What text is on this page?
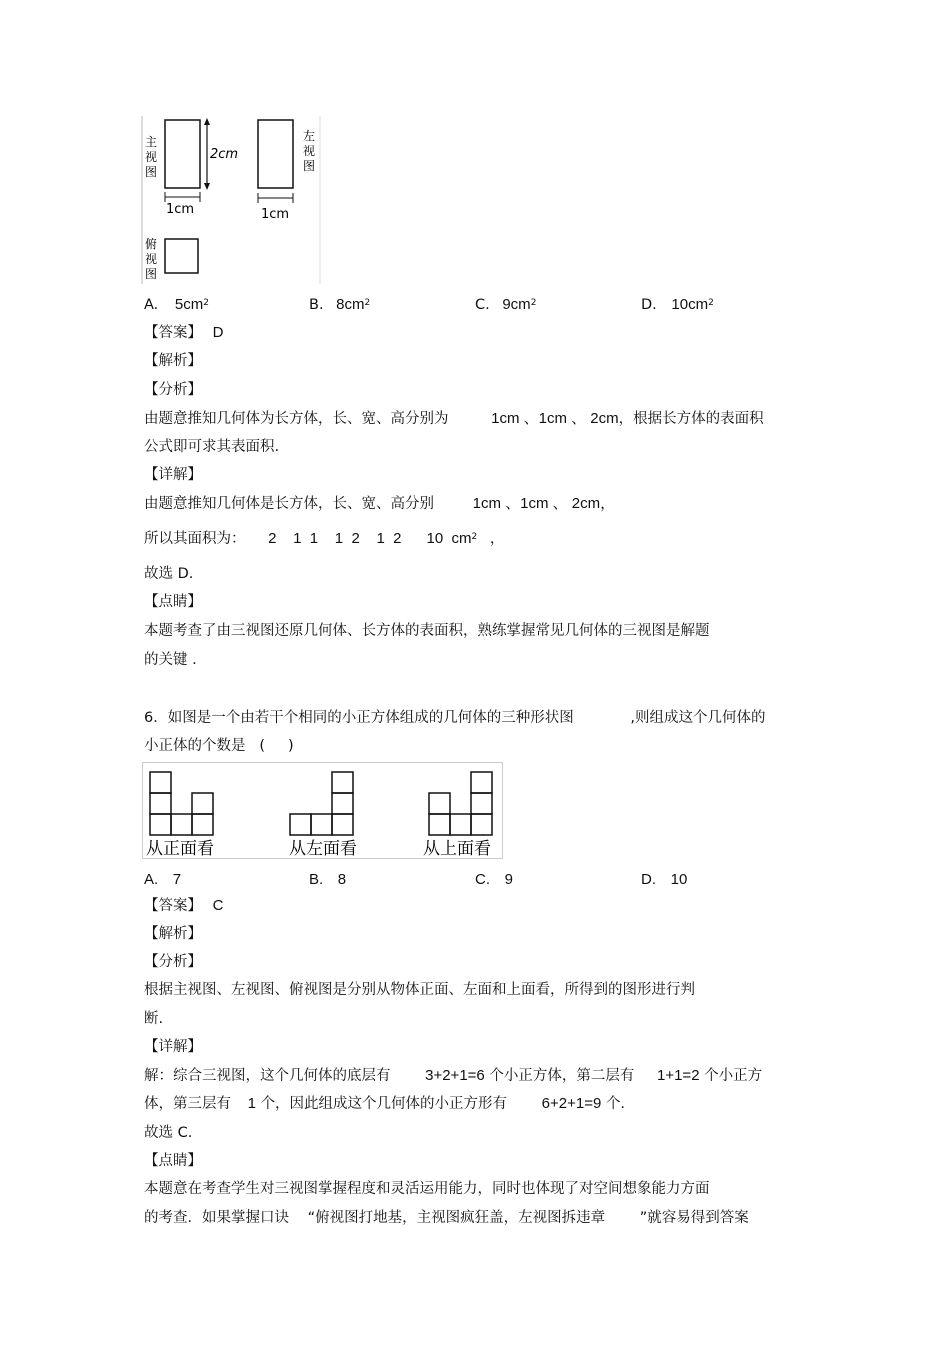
主
视
图
2cm
1cm
左
视
图
1cm
俯
视
图
A. $5cm^2$	B. $8cm^2$	C. $9cm^2$	D. $10cm^2$
【答案】 D
【解析】
【分析】
由题意推知几何体为长方体，长、宽、高分别为	1cm 、1cm 、 2cm，根据长方体的表面积
公式即可求其表面积.
【详解】
由题意推知几何体是长方体，长、宽、高分别	1cm 、1cm 、 2cm，
所以其面积为： 2    1  1    1  2    1  2      10  $cm^2$ ，
故选 D.
【点睛】
本题考查了由三视图还原几何体、长方体的表面积，熟练掌握常见几何体的三视图是解题
的关键 .
6．如图是一个由若干个相同的小正方体组成的几何体的三种形状图	,则组成这个几何体的
小正体的个数是   (     )
从正面看	从左面看	从上面看
A. 7	B. 8	C. 9	D. 10
【答案】 C
【解析】
【分析】
根据主视图、左视图、俯视图是分别从物体正面、左面和上面看，所得到的图形进行判
断.
【详解】
解：综合三视图，这个几何体的底层有 3+2+1=6 个小正方体，第二层有 1+1=2 个小正方
体，第三层有 1 个，因此组成这个几何体的小正方形有 6+2+1=9 个.
故选 C.
【点睛】
本题意在考查学生对三视图掌握程度和灵活运用能力，同时也体现了对空间想象能力方面
的考查．如果掌握口诀 “俯视图打地基，主视图疯狂盖，左视图拆违章 ”就容易得到答案
